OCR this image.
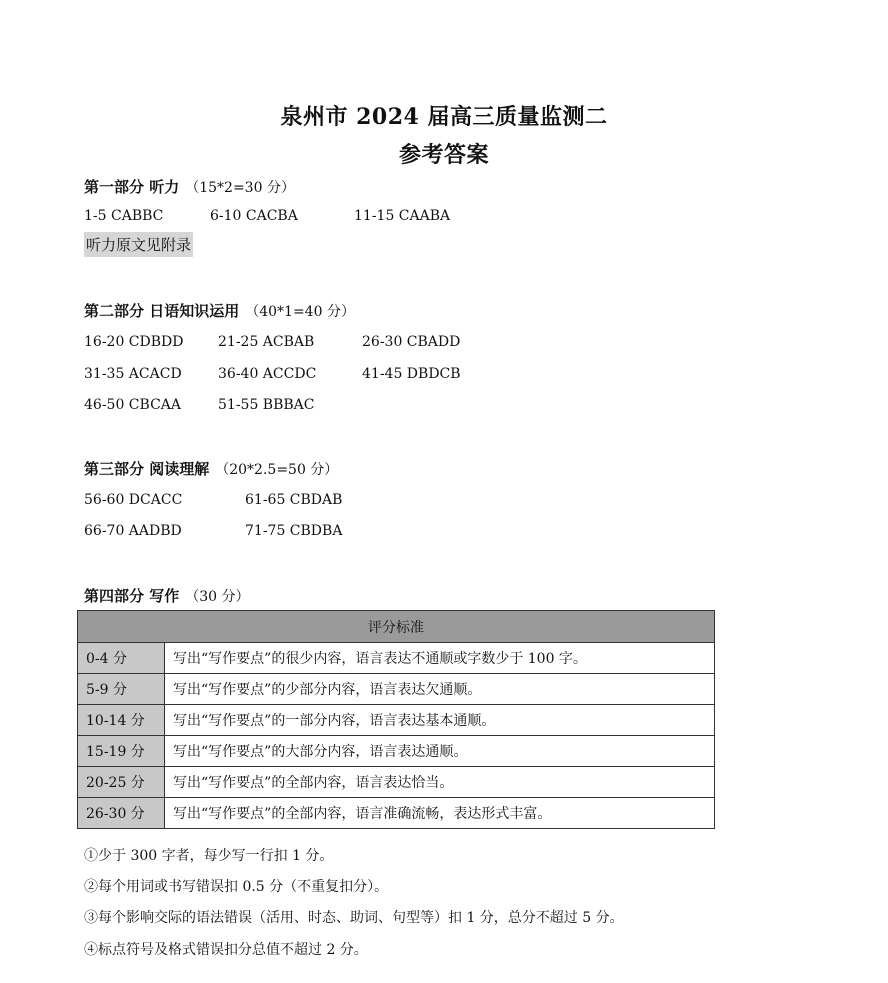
泉州市 2024 届高三质量监测二
参考答案
第一部分 听力 （15*2=30 分）
1-5 CABBC	6-10 CACBA	11-15 CAABA
听力原文见附录
第二部分 日语知识运用 （40*1=40 分）
16-20 CDBDD 21-25 ACBAB	26-30 CBADD
31-35 ACACD	36-40 ACCDC	41-45 DBDCB
46-50 CBCAA	51-55 BBBAC
第三部分 阅读理解 （20*2.5=50 分）
56-60 DCACC	61-65 CBDAB
66-70 AADBD	71-75 CBDBA
第四部分 写作 （30 分）
评分标准	
0-4 分	写出“写作要点”的很少内容，语言表达不通顺或字数少于 100 字。
5-9 分	写出“写作要点”的少部分内容，语言表达欠通顺。
10-14 分	写出“写作要点”的一部分内容，语言表达基本通顺。
15-19 分	写出“写作要点”的大部分内容，语言表达通顺。
20-25 分	写出“写作要点”的全部内容，语言表达恰当。
26-30 分	写出“写作要点”的全部内容，语言准确流畅，表达形式丰富。
①少于 300 字者，每少写一行扣 1 分。
②每个用词或书写错误扣 0.5 分（不重复扣分）。
③每个影响交际的语法错误（活用、时态、助词、句型等）扣 1 分，总分不超过 5 分。
④标点符号及格式错误扣分总值不超过 2 分。
